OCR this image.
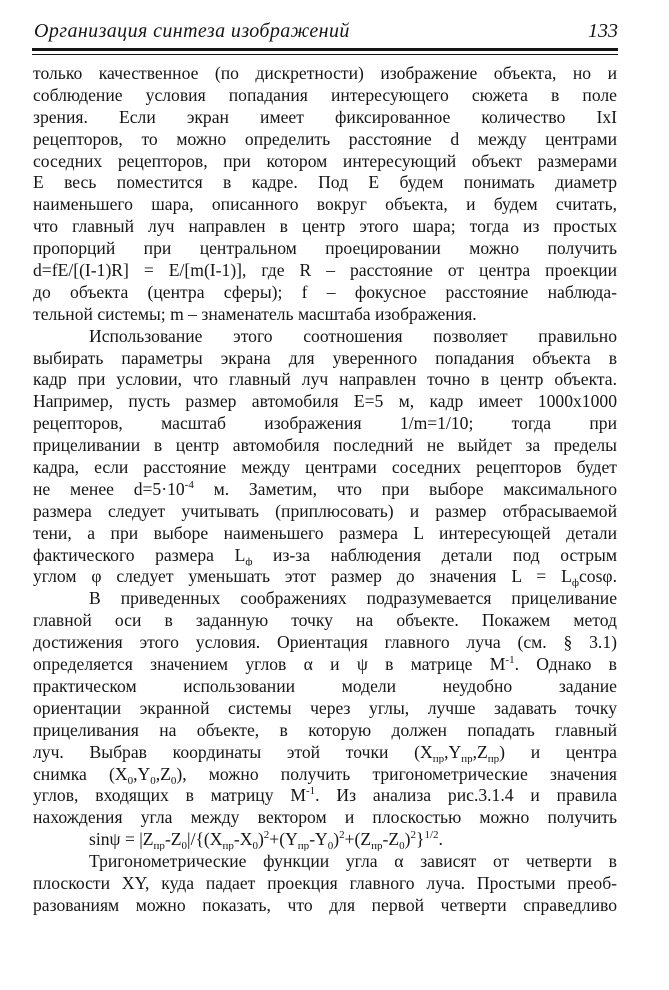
Организация синтеза изображений	133
только качественное (по дискретности) изображение объекта, но и
соблюдение условия попадания интересующего сюжета в поле
зрения. Если экран имеет фиксированное количество IxI
рецепторов, то можно определить расстояние d между центрами
соседних рецепторов, при котором интересующий объект размерами
E весь поместится в кадре. Под E будем понимать диаметр
наименьшего шара, описанного вокруг объекта, и будем считать,
что главный луч направлен в центр этого шара; тогда из простых
пропорций при центральном проецировании можно получить
d=fE/[(I-1)R] = E/[m(I-1)], где R – расстояние от центра проекции
до объекта (центра сферы); f – фокусное расстояние наблюда-
тельной системы; m – знаменатель масштаба изображения.
Использование этого соотношения позволяет правильно
выбирать параметры экрана для уверенного попадания объекта в
кадр при условии, что главный луч направлен точно в центр объекта.
Например, пусть размер автомобиля E=5 м, кадр имеет 1000x1000
рецепторов, масштаб изображения 1/m=1/10; тогда при
прицеливании в центр автомобиля последний не выйдет за пределы
кадра, если расстояние между центрами соседних рецепторов будет
не менее $d=5\cdot 10^{-4}$ м. Заметим, что при выборе максимального
размера следует учитывать (приплюсовать) и размер отбрасываемой
тени, а при выборе наименьшего размера L интересующей детали
фактического размера $L_ф$ из-за наблюдения детали под острым
углом φ следует уменьшать этот размер до значения $L = L_ф\cos\varphi$.
В приведенных соображениях подразумевается прицеливание
главной оси в заданную точку на объекте. Покажем метод
достижения этого условия. Ориентация главного луча (см. § 3.1)
определяется значением углов α и ψ в матрице $M^{-1}$. Однако в
практическом использовании модели неудобно задание
ориентации экранной системы через углы, лучше задавать точку
прицеливания на объекте, в которую должен попадать главный
луч. Выбрав координаты этой точки $(X_{пр},Y_{пр},Z_{пр})$ и центра
снимка $(X_0,Y_0,Z_0)$, можно получить тригонометрические значения
углов, входящих в матрицу $M^{-1}$. Из анализа рис.3.1.4 и правила
нахождения угла между вектором и плоскостью можно получить
$\sin\psi = |Z_{пр}-Z_0|/\{(X_{пр}-X_0)^2+(Y_{пр}-Y_0)^2+(Z_{пр}-Z_0)^2\}^{1/2}$.
Тригонометрические функции угла α зависят от четверти в
плоскости XY, куда падает проекция главного луча. Простыми преоб-
разованиям можно показать, что для первой четверти справедливо
